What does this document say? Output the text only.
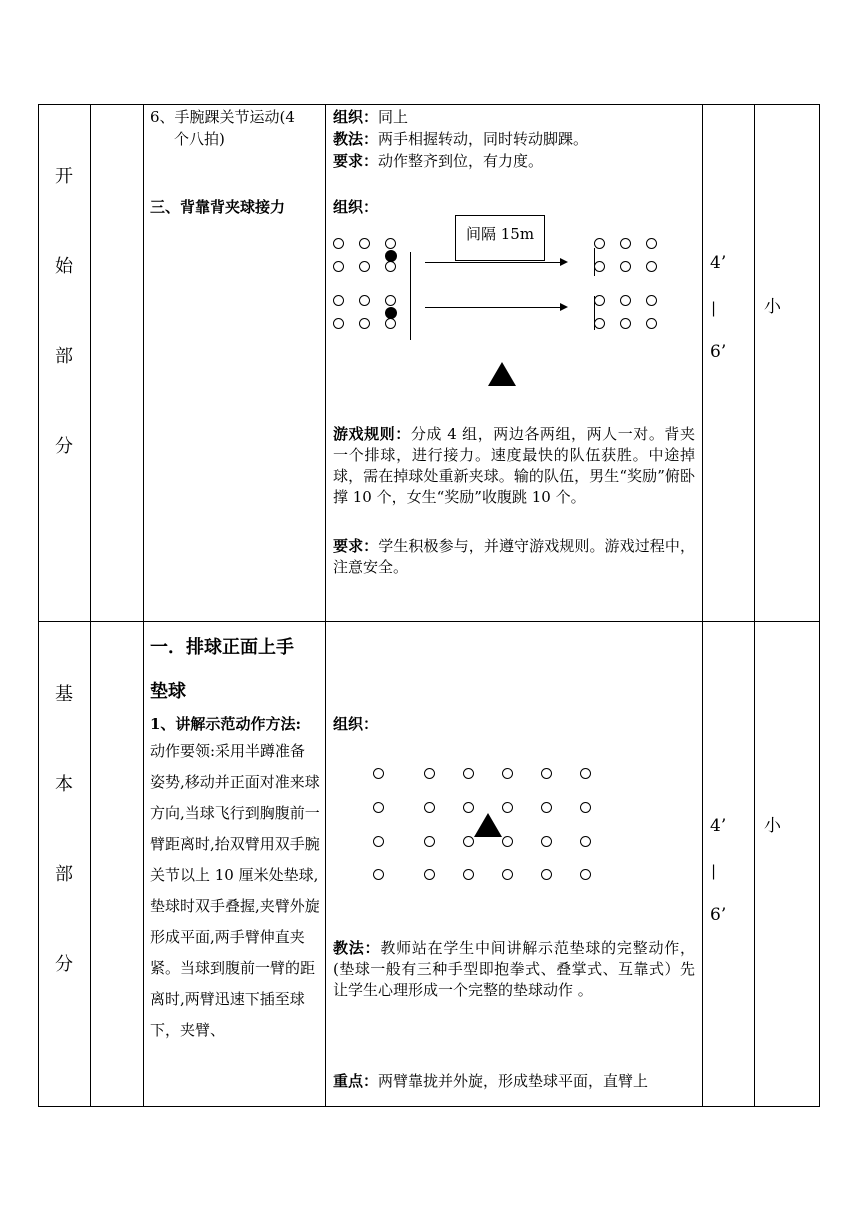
开
始
部
分
6、手腕踝关节运动(4
个八拍)
三、背靠背夹球接力
组织：同上
教法：两手相握转动，同时转动脚踝。
要求：动作整齐到位，有力度。
组织：
间隔 15m
游戏规则：分成 4 组，两边各两组，两人一对。背夹一个排球，进行接力。速度最快的队伍获胜。中途掉球，需在掉球处重新夹球。输的队伍，男生“奖励”俯卧撑 10 个，女生“奖励”收腹跳 10 个。
要求：学生积极参与，并遵守游戏规则。游戏过程中，注意安全。
4’
|
6’
小
基
本
部
分
一．排球正面上手
垫球
1、讲解示范动作方法:
动作要领:采用半蹲准备姿势,移动并正面对准来球方向,当球飞行到胸腹前一臂距离时,抬双臂用双手腕关节以上 10 厘米处垫球,垫球时双手叠握,夹臂外旋形成平面,两手臂伸直夹紧。当球到腹前一臂的距离时,两臂迅速下插至球下，夹臂、
组织：
教法：教师站在学生中间讲解示范垫球的完整动作，(垫球一般有三种手型即抱拳式、叠掌式、互靠式）先让学生心理形成一个完整的垫球动作 。
重点：两臂靠拢并外旋，形成垫球平面，直臂上
4’
|
6’
小
